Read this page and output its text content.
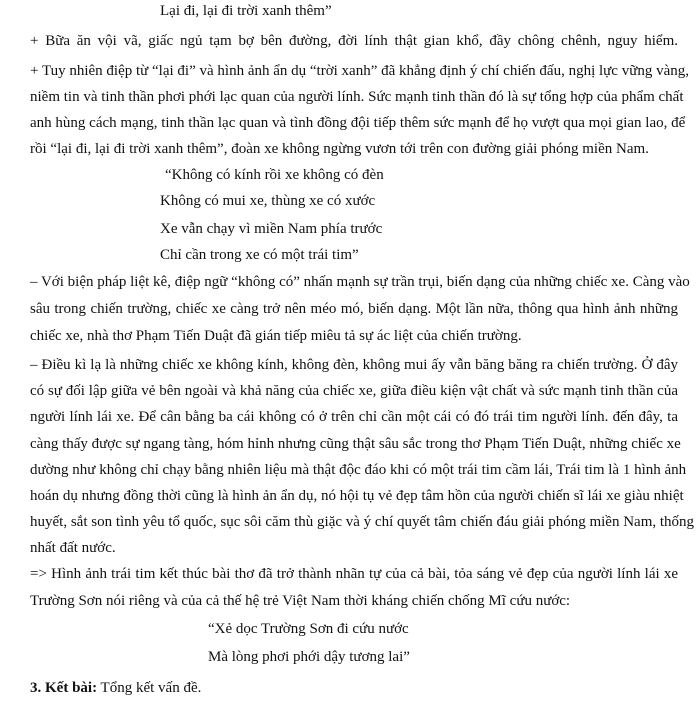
Lại đi, lại đi trời xanh thêm”
+ Bữa ăn vội vã, giấc ngủ tạm bợ bên đường, đời lính thật gian khổ, đầy chông chênh, nguy hiểm.
+ Tuy nhiên điệp từ “lại đi” và hình ảnh ẩn dụ “trời xanh” đã khẳng định ý chí chiến đấu, nghị lực vững vàng,
niềm tin và tinh thần phơi phới lạc quan của người lính. Sức mạnh tinh thần đó là sự tổng hợp của phẩm chất
anh hùng cách mạng, tinh thần lạc quan và tình đồng đội tiếp thêm sức mạnh để họ vượt qua mọi gian lao, để
rồi “lại đi, lại đi trời xanh thêm”, đoàn xe không ngừng vươn tới trên con đường giải phóng miền Nam.
“Không có kính rồi xe không có đèn
Không có mui xe, thùng xe có xước
Xe vẫn chạy vì miền Nam phía trước
Chỉ cần trong xe có một trái tim”
– Với biện pháp liệt kê, điệp ngữ “không có” nhấn mạnh sự trần trụi, biến dạng của những chiếc xe. Càng vào
sâu trong chiến trường, chiếc xe càng trở nên méo mó, biến dạng. Một lần nữa, thông qua hình ảnh những
chiếc xe, nhà thơ Phạm Tiến Duật đã gián tiếp miêu tả sự ác liệt của chiến trường.
– Điều kì lạ là những chiếc xe không kính, không đèn, không mui ấy vẫn băng băng ra chiến trường. Ở đây
có sự đối lập giữa vẻ bên ngoài và khả năng của chiếc xe, giữa điều kiện vật chất và sức mạnh tinh thần của
người lính lái xe. Để cân bằng ba cái không có ở trên chỉ cần một cái có đó trái tim người lính. đến đây, ta
càng thấy được sự ngang tàng, hóm hỉnh nhưng cũng thật sâu sắc trong thơ Phạm Tiến Duật, những chiếc xe
dường như không chỉ chạy bằng nhiên liệu mà thật độc đáo khi có một trái tim cầm lái, Trái tim là 1 hình ảnh
hoán dụ nhưng đồng thời cũng là hình ản ẩn dụ, nó hội tụ vẻ đẹp tâm hồn của người chiến sĩ lái xe giàu nhiệt
huyết, sắt son tình yêu tổ quốc, sục sôi căm thù giặc và ý chí quyết tâm chiến đáu giải phóng miền Nam, thống
nhất đất nước.
=> Hình ảnh trái tim kết thúc bài thơ đã trở thành nhãn tự của cả bài, tỏa sáng vẻ đẹp của người lính lái xe
Trường Sơn nói riêng và của cả thế hệ trẻ Việt Nam thời kháng chiến chống Mĩ cứu nước:
“Xẻ dọc Trường Sơn đi cứu nước
Mà lòng phơi phới dậy tương lai”
3. Kết bài: Tổng kết vấn đề.
